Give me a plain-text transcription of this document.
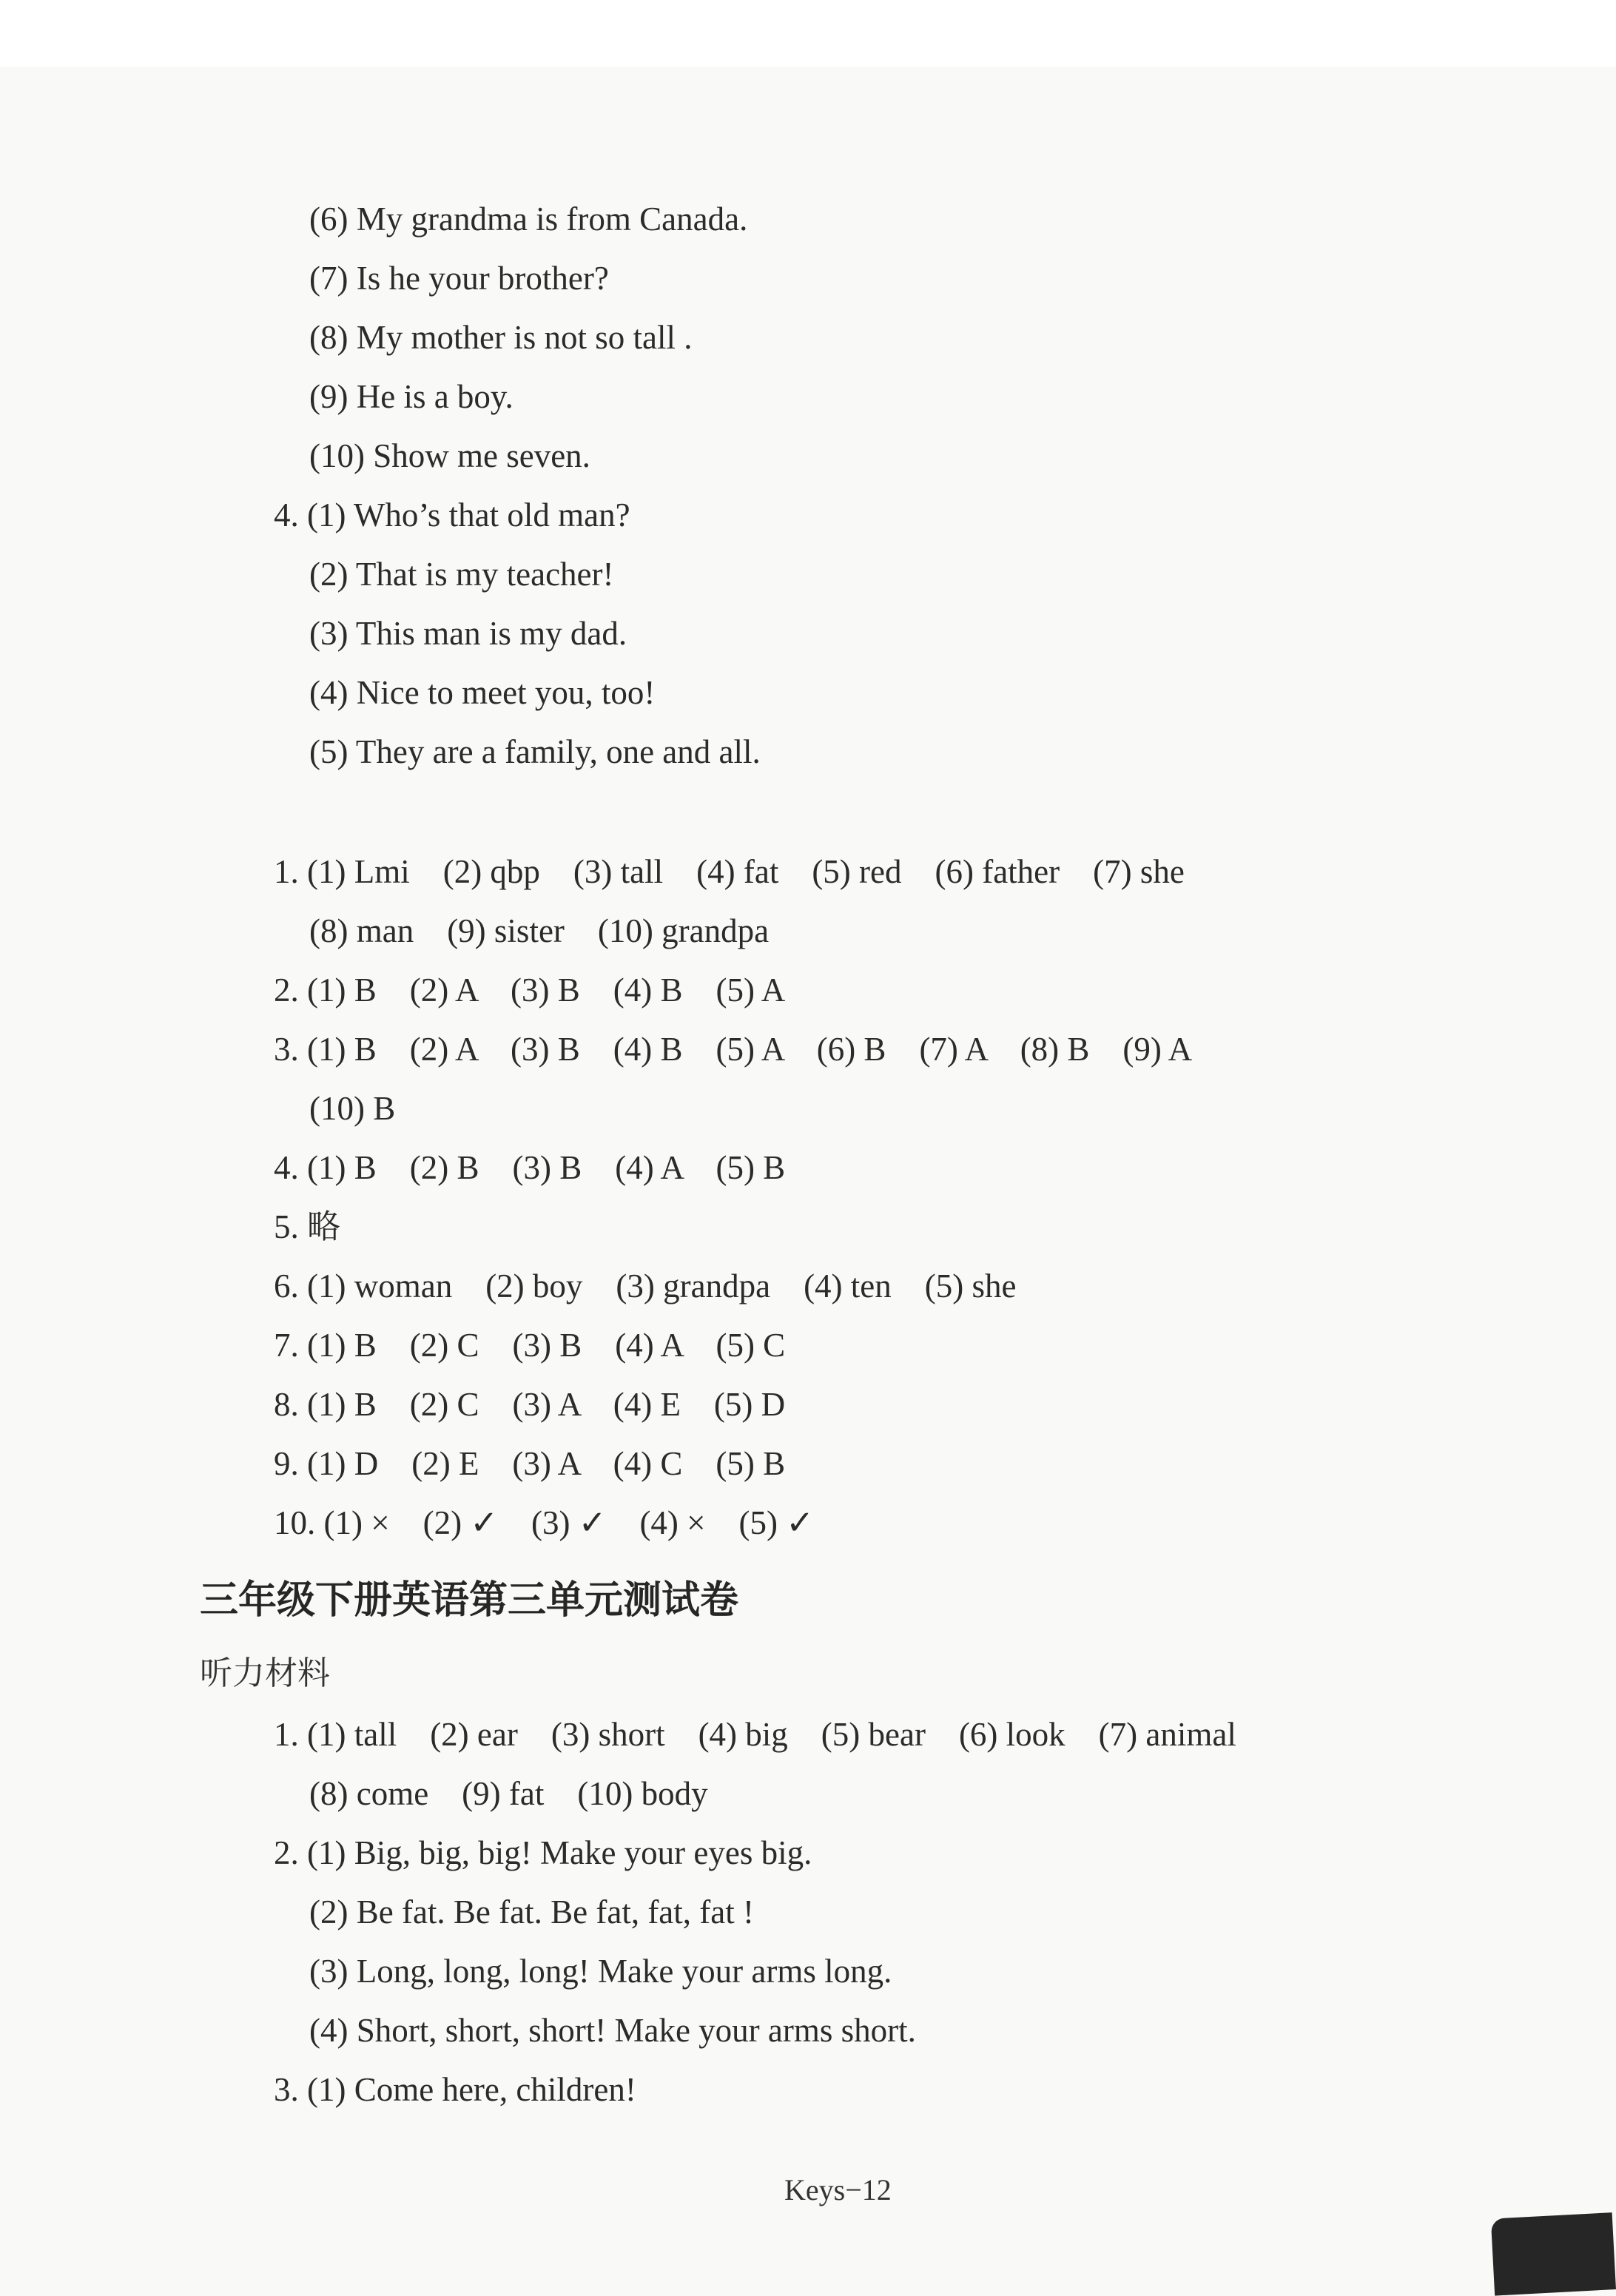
(6) My grandma is from Canada.
(7) Is he your brother?
(8) My mother is not so tall .
(9) He is a boy.
(10) Show me seven.
4. (1) Who’s that old man?
(2) That is my teacher!
(3) This man is my dad.
(4) Nice to meet you, too!
(5) They are a family, one and all.
1. (1) Lmi    (2) qbp    (3) tall    (4) fat    (5) red    (6) father    (7) she
(8) man    (9) sister    (10) grandpa
2. (1) B    (2) A    (3) B    (4) B    (5) A
3. (1) B    (2) A    (3) B    (4) B    (5) A    (6) B    (7) A    (8) B    (9) A
(10) B
4. (1) B    (2) B    (3) B    (4) A    (5) B
5. 略
6. (1) woman    (2) boy    (3) grandpa    (4) ten    (5) she
7. (1) B    (2) C    (3) B    (4) A    (5) C
8. (1) B    (2) C    (3) A    (4) E    (5) D
9. (1) D    (2) E    (3) A    (4) C    (5) B
10. (1) ×    (2) ✓    (3) ✓    (4) ×    (5) ✓
三年级下册英语第三单元测试卷
听力材料
1. (1) tall    (2) ear    (3) short    (4) big    (5) bear    (6) look    (7) animal
(8) come    (9) fat    (10) body
2. (1) Big, big, big! Make your eyes big.
(2) Be fat. Be fat. Be fat, fat, fat !
(3) Long, long, long! Make your arms long.
(4) Short, short, short! Make your arms short.
3. (1) Come here, children!
Keys−12
